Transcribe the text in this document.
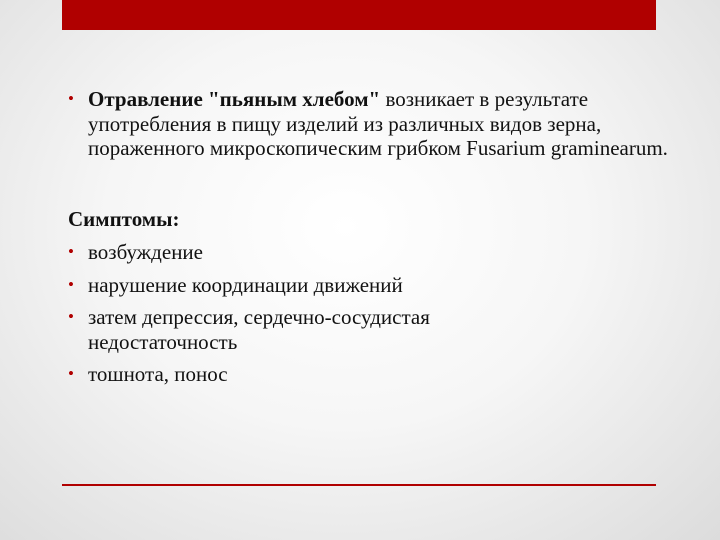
• Отравление "пьяным хлебом" возникает в результате употребления в пищу изделий из различных видов зерна, пораженного микроскопическим грибком Fusarium graminearum.
Симптомы:
• возбуждение
• нарушение координации движений
• затем депрессия, сердечно-сосудистая недостаточность
• тошнота, понос
